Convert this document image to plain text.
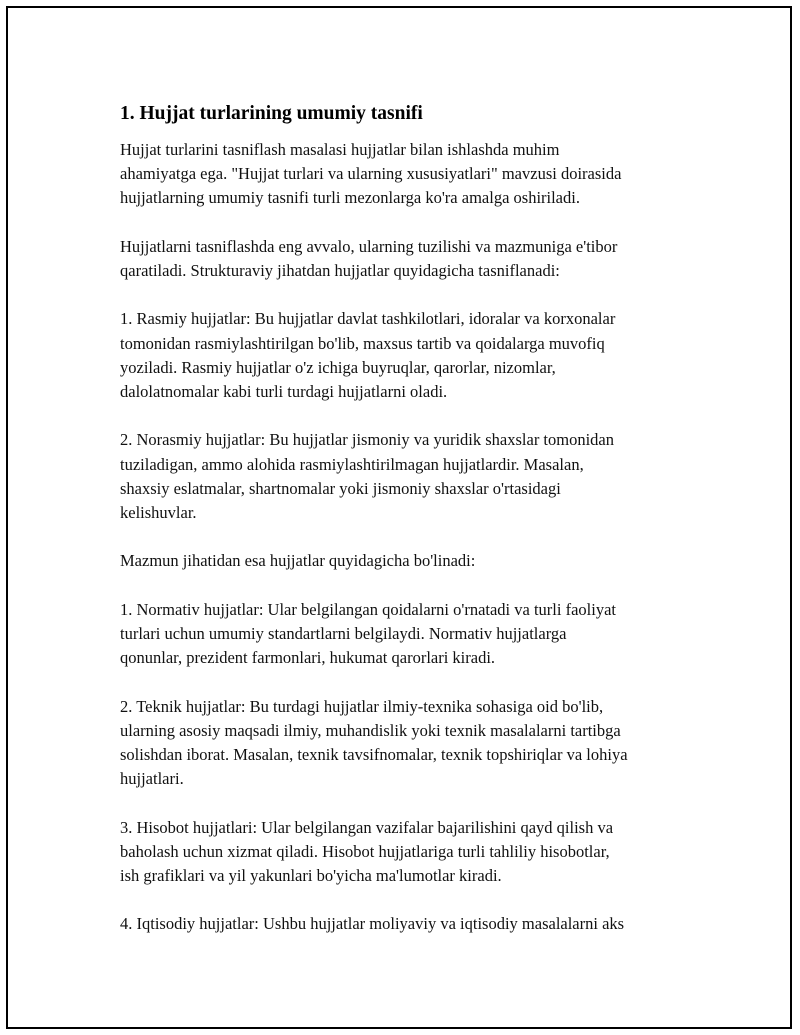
1. Hujjat turlarining umumiy tasnifi

Hujjat turlarini tasniflash masalasi hujjatlar bilan ishlashda muhim
ahamiyatga ega. "Hujjat turlari va ularning xususiyatlari" mavzusi doirasida
hujjatlarning umumiy tasnifi turli mezonlarga ko'ra amalga oshiriladi.

Hujjatlarni tasniflashda eng avvalo, ularning tuzilishi va mazmuniga e'tibor
qaratiladi. Strukturaviy jihatdan hujjatlar quyidagicha tasniflanadi:

1. Rasmiy hujjatlar: Bu hujjatlar davlat tashkilotlari, idoralar va korxonalar
tomonidan rasmiylashtirilgan bo'lib, maxsus tartib va qoidalarga muvofiq
yoziladi. Rasmiy hujjatlar o'z ichiga buyruqlar, qarorlar, nizomlar,
dalolatnomalar kabi turli turdagi hujjatlarni oladi.

2. Norasmiy hujjatlar: Bu hujjatlar jismoniy va yuridik shaxslar tomonidan
tuziladigan, ammo alohida rasmiylashtirilmagan hujjatlardir. Masalan,
shaxsiy eslatmalar, shartnomalar yoki jismoniy shaxslar o'rtasidagi
kelishuvlar.

Mazmun jihatidan esa hujjatlar quyidagicha bo'linadi:

1. Normativ hujjatlar: Ular belgilangan qoidalarni o'rnatadi va turli faoliyat
turlari uchun umumiy standartlarni belgilaydi. Normativ hujjatlarga
qonunlar, prezident farmonlari, hukumat qarorlari kiradi.

2. Teknik hujjatlar: Bu turdagi hujjatlar ilmiy-texnika sohasiga oid bo'lib,
ularning asosiy maqsadi ilmiy, muhandislik yoki texnik masalalarni tartibga
solishdan iborat. Masalan, texnik tavsifnomalar, texnik topshiriqlar va lohiya
hujjatlari.

3. Hisobot hujjatlari: Ular belgilangan vazifalar bajarilishini qayd qilish va
baholash uchun xizmat qiladi. Hisobot hujjatlariga turli tahliliy hisobotlar,
ish grafiklari va yil yakunlari bo'yicha ma'lumotlar kiradi.

4. Iqtisodiy hujjatlar: Ushbu hujjatlar moliyaviy va iqtisodiy masalalarni aks
